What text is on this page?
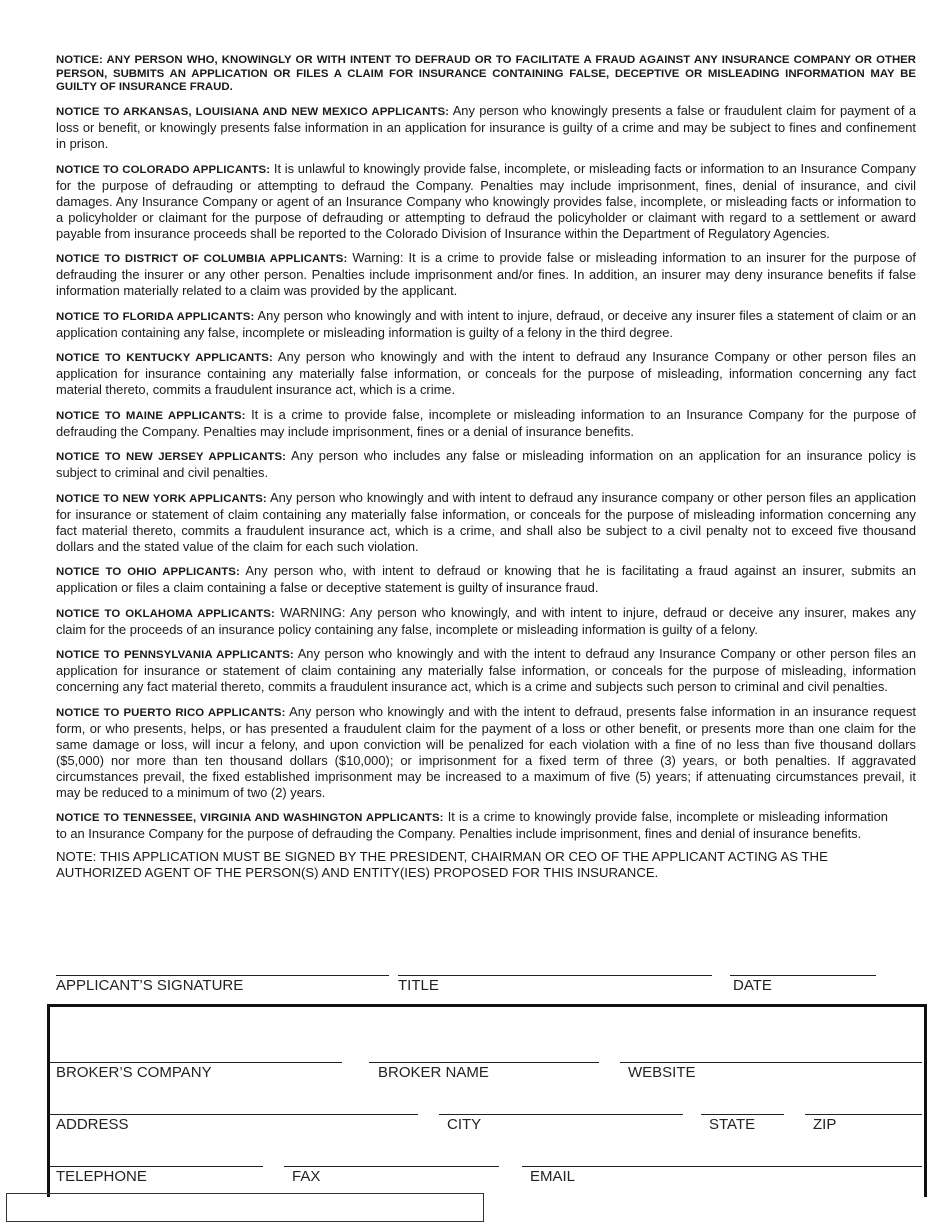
NOTICE: ANY PERSON WHO, KNOWINGLY OR WITH INTENT TO DEFRAUD OR TO FACILITATE A FRAUD AGAINST ANY INSURANCE COMPANY OR OTHER PERSON, SUBMITS AN APPLICATION OR FILES A CLAIM FOR INSURANCE CONTAINING FALSE, DECEPTIVE OR MISLEADING INFORMATION MAY BE GUILTY OF INSURANCE FRAUD.

NOTICE TO ARKANSAS, LOUISIANA AND NEW MEXICO APPLICANTS: Any person who knowingly presents a false or fraudulent claim for payment of a loss or benefit, or knowingly presents false information in an application for insurance is guilty of a crime and may be subject to fines and confinement in prison.

NOTICE TO COLORADO APPLICANTS: It is unlawful to knowingly provide false, incomplete, or misleading facts or information to an Insurance Company for the purpose of defrauding or attempting to defraud the Company. Penalties may include imprisonment, fines, denial of insurance, and civil damages. Any Insurance Company or agent of an Insurance Company who knowingly provides false, incomplete, or misleading facts or information to a policyholder or claimant for the purpose of defrauding or attempting to defraud the policyholder or claimant with regard to a settlement or award payable from insurance proceeds shall be reported to the Colorado Division of Insurance within the Department of Regulatory Agencies.

NOTICE TO DISTRICT OF COLUMBIA APPLICANTS: Warning: It is a crime to provide false or misleading information to an insurer for the purpose of defrauding the insurer or any other person. Penalties include imprisonment and/or fines. In addition, an insurer may deny insurance benefits if false information materially related to a claim was provided by the applicant.

NOTICE TO FLORIDA APPLICANTS: Any person who knowingly and with intent to injure, defraud, or deceive any insurer files a statement of claim or an application containing any false, incomplete or misleading information is guilty of a felony in the third degree.

NOTICE TO KENTUCKY APPLICANTS: Any person who knowingly and with the intent to defraud any Insurance Company or other person files an application for insurance containing any materially false information, or conceals for the purpose of misleading, information concerning any fact material thereto, commits a fraudulent insurance act, which is a crime.

NOTICE TO MAINE APPLICANTS: It is a crime to provide false, incomplete or misleading information to an Insurance Company for the purpose of defrauding the Company. Penalties may include imprisonment, fines or a denial of insurance benefits.

NOTICE TO NEW JERSEY APPLICANTS: Any person who includes any false or misleading information on an application for an insurance policy is subject to criminal and civil penalties.

NOTICE TO NEW YORK APPLICANTS: Any person who knowingly and with intent to defraud any insurance company or other person files an application for insurance or statement of claim containing any materially false information, or conceals for the purpose of misleading information concerning any fact material thereto, commits a fraudulent insurance act, which is a crime, and shall also be subject to a civil penalty not to exceed five thousand dollars and the stated value of the claim for each such violation.

NOTICE TO OHIO APPLICANTS: Any person who, with intent to defraud or knowing that he is facilitating a fraud against an insurer, submits an application or files a claim containing a false or deceptive statement is guilty of insurance fraud.

NOTICE TO OKLAHOMA APPLICANTS: WARNING: Any person who knowingly, and with intent to injure, defraud or deceive any insurer, makes any claim for the proceeds of an insurance policy containing any false, incomplete or misleading information is guilty of a felony.

NOTICE TO PENNSYLVANIA APPLICANTS: Any person who knowingly and with the intent to defraud any Insurance Company or other person files an application for insurance or statement of claim containing any materially false information, or conceals for the purpose of misleading, information concerning any fact material thereto, commits a fraudulent insurance act, which is a crime and subjects such person to criminal and civil penalties.

NOTICE TO PUERTO RICO APPLICANTS: Any person who knowingly and with the intent to defraud, presents false information in an insurance request form, or who presents, helps, or has presented a fraudulent claim for the payment of a loss or other benefit, or presents more than one claim for the same damage or loss, will incur a felony, and upon conviction will be penalized for each violation with a fine of no less than five thousand dollars ($5,000) nor more than ten thousand dollars ($10,000); or imprisonment for a fixed term of three (3) years, or both penalties. If aggravated circumstances prevail, the fixed established imprisonment may be increased to a maximum of five (5) years; if attenuating circumstances prevail, it may be reduced to a minimum of two (2) years.

NOTICE TO TENNESSEE, VIRGINIA AND WASHINGTON APPLICANTS: It is a crime to knowingly provide false, incomplete or misleading information to an Insurance Company for the purpose of defrauding the Company. Penalties include imprisonment, fines and denial of insurance benefits.

NOTE: THIS APPLICATION MUST BE SIGNED BY THE PRESIDENT, CHAIRMAN OR CEO OF THE APPLICANT ACTING AS THE AUTHORIZED AGENT OF THE PERSON(S) AND ENTITY(IES) PROPOSED FOR THIS INSURANCE.

APPLICANT’S SIGNATURE	TITLE	DATE
BROKER’S COMPANY	BROKER NAME	WEBSITE
ADDRESS	CITY	STATE	ZIP
TELEPHONE	FAX	EMAIL
